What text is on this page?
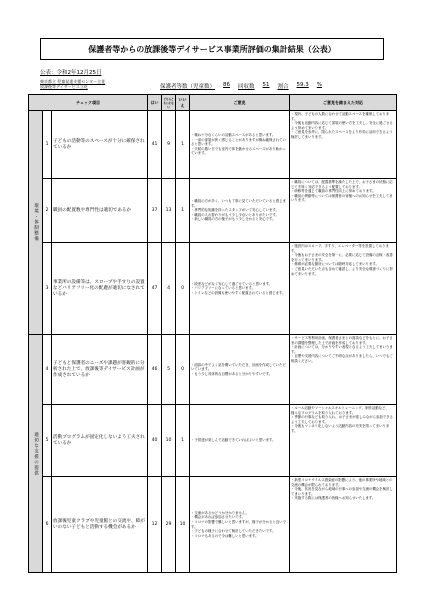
保護者等からの放課後等デイサービス事業所評価の集計結果（公表）
公表：令和2年12月25日
東京都立 児童発達支援センター立花
放課後等デイサービス立花	保護者等数（児童数） 86 回収数 51 割合 59.3 %
チェック項目			はい	どちらともいえない	いいえ	ご意見	ご意見を踏まえた対応
環境・体制整備	1	子どもの活動等のスペースが十分に確保されているか	41	9	1	・概ね十分なくらいの活動スペースがあると思います。
・一部の部屋が狭く感じることがありますが概ね確保されていると思います。
・天候の悪い日でも室内で体を動かせるスペースがあり助かっています。	・現状、子どもの人数に合わせて活動スペースを確保しております。
・今後も活動内容に応じて部屋の使い方を工夫し、安全に過ごせるよう努めてまいります。
・ご意見を参考に、限られたスペースをより有効に活用できるよう検討してまいります。
	2	職員の配置数や専門性は適切であるか	37	13	1	・職員の方が多く、いつも丁寧に見ていただいていると感じます。
・専門的な知識を持ったスタッフがいて安心しています。
・職員の入れ替わりがもう少し少ないとありがたいです。
・新しい職員の方の様子がもう少し分かると安心です。	・職員については、配置基準を満たした上で、お子さまの状態に応じて手厚く対応できるよう配置しております。
・研修等を通じて職員の専門性向上に努めております。
・職員の異動等については保護者の皆様へのお知らせを工夫してまいります。
	3	事業所の設備等は、スロープや手すりの設置などバリアフリー化の配慮が適切になされているか	47	4	0	・段差などがなく安心して過ごせていると思います。
・バリアフリーになっていると思います。
・トイレなどの設備も使いやすく配慮されていると感じます。	・施設内はスロープ、手すり、エレベーター等を設置しております。
・今後もお子さまの安全を第一に、必要に応じて設備の点検・改善を行ってまいります。
・修繕が必要な箇所については随時対応してまいります。
・ご意見いただいた点も含めて確認し、より安全な環境づくりに努めてまいります。
適切な支援の提供	4	子どもと保護者のニーズや課題が客観的に分析された上で、放課後等デイサービス計画が作成されているか	46	5	0	・面談の中でよく話を聞いていただき、計画を作成していただいています。
・もう少し具体的な目標があると分かりやすいです。	・サービス等利用計画、保護者さまとの面談などをもとに、お子さまの課題を整理した上で計画を作成しております。
・計画については、分かりやすい表現となるよう工夫してまいります。
・目標や支援内容についてご不明な点がありましたら、いつでもご相談ください。
	5	活動プログラムが固定化しないよう工夫されているか	40	10	1	・子供達が楽しんで活動できていればよいと思います。	・ルール活動やソーシャルスキルトレーニング、制作活動など、様々なプログラムを取り入れております。
・季節の行事なども取り入れ、お子さまが楽しみながら参加できるよう工夫しております。
・今後もマンネリ化しないよう活動内容の充実を図ってまいります。
	6	放課後児童クラブや児童館との交流や、障がいのない子どもと活動する機会があるか	12	29	10	・交流があるかどうか分かりません。
・機会があれば参加させたいです。
・コロナの影響で難しいと思いますが、様子が分かると良いです。
・子どもの様子に合わせて検討していただきたいです。
・コロナもあるので今は難しいと思います。	・新型コロナウイルス感染症の影響により、他の事業所や地域との交流の機会が限られております。
・今後、状況を見ながら地域の行事への参加や交流の機会を検討してまいります。
・実施する際には保護者の皆様へお知らせいたします。
